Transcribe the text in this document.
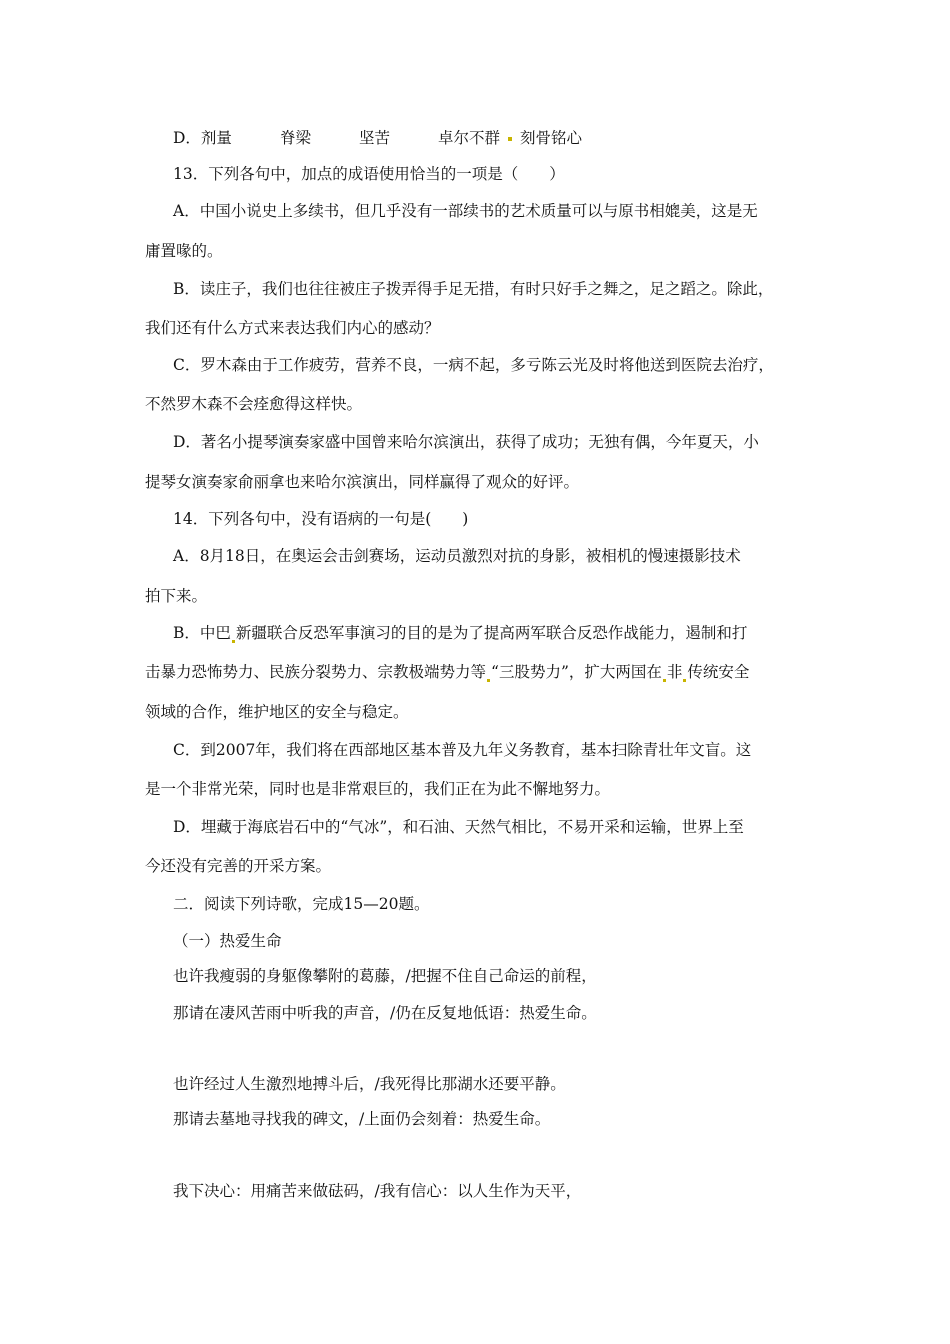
D．剂量	脊梁	坚苦	卓尔不群 刻骨铭心

13．下列各句中，加点的成语使用恰当的一项是（　　）

A．中国小说史上多续书，但几乎没有一部续书的艺术质量可以与原书相媲美，这是无

庸置喙的。

B．读庄子，我们也往往被庄子拨弄得手足无措，有时只好手之舞之，足之蹈之。除此，

我们还有什么方式来表达我们内心的感动？

C．罗木森由于工作疲劳，营养不良，一病不起，多亏陈云光及时将他送到医院去治疗，

不然罗木森不会痊愈得这样快。

D．著名小提琴演奏家盛中国曾来哈尔滨演出，获得了成功；无独有偶，今年夏天，小

提琴女演奏家俞丽拿也来哈尔滨演出，同样赢得了观众的好评。

14．下列各句中，没有语病的一句是(　　)

A．8月18日，在奥运会击剑赛场，运动员激烈对抗的身影，被相机的慢速摄影技术

拍下来。

B．中巴 新疆联合反恐军事演习的目的是为了提高两军联合反恐作战能力，遏制和打

击暴力恐怖势力、民族分裂势力、宗教极端势力等 “三股势力”，扩大两国在 非 传统安全

领域的合作，维护地区的安全与稳定。

C．到2007年，我们将在西部地区基本普及九年义务教育，基本扫除青壮年文盲。这

是一个非常光荣，同时也是非常艰巨的，我们正在为此不懈地努力。

D．埋藏于海底岩石中的“气冰”，和石油、天然气相比，不易开采和运输，世界上至

今还没有完善的开采方案。

二．阅读下列诗歌，完成15—20题。

（一）热爱生命

也许我瘦弱的身躯像攀附的葛藤，/把握不住自己命运的前程，

那请在凄风苦雨中听我的声音，/仍在反复地低语：热爱生命。

也许经过人生激烈地搏斗后，/我死得比那湖水还要平静。

那请去墓地寻找我的碑文，/上面仍会刻着：热爱生命。

我下决心：用痛苦来做砝码，/我有信心：以人生作为天平，
